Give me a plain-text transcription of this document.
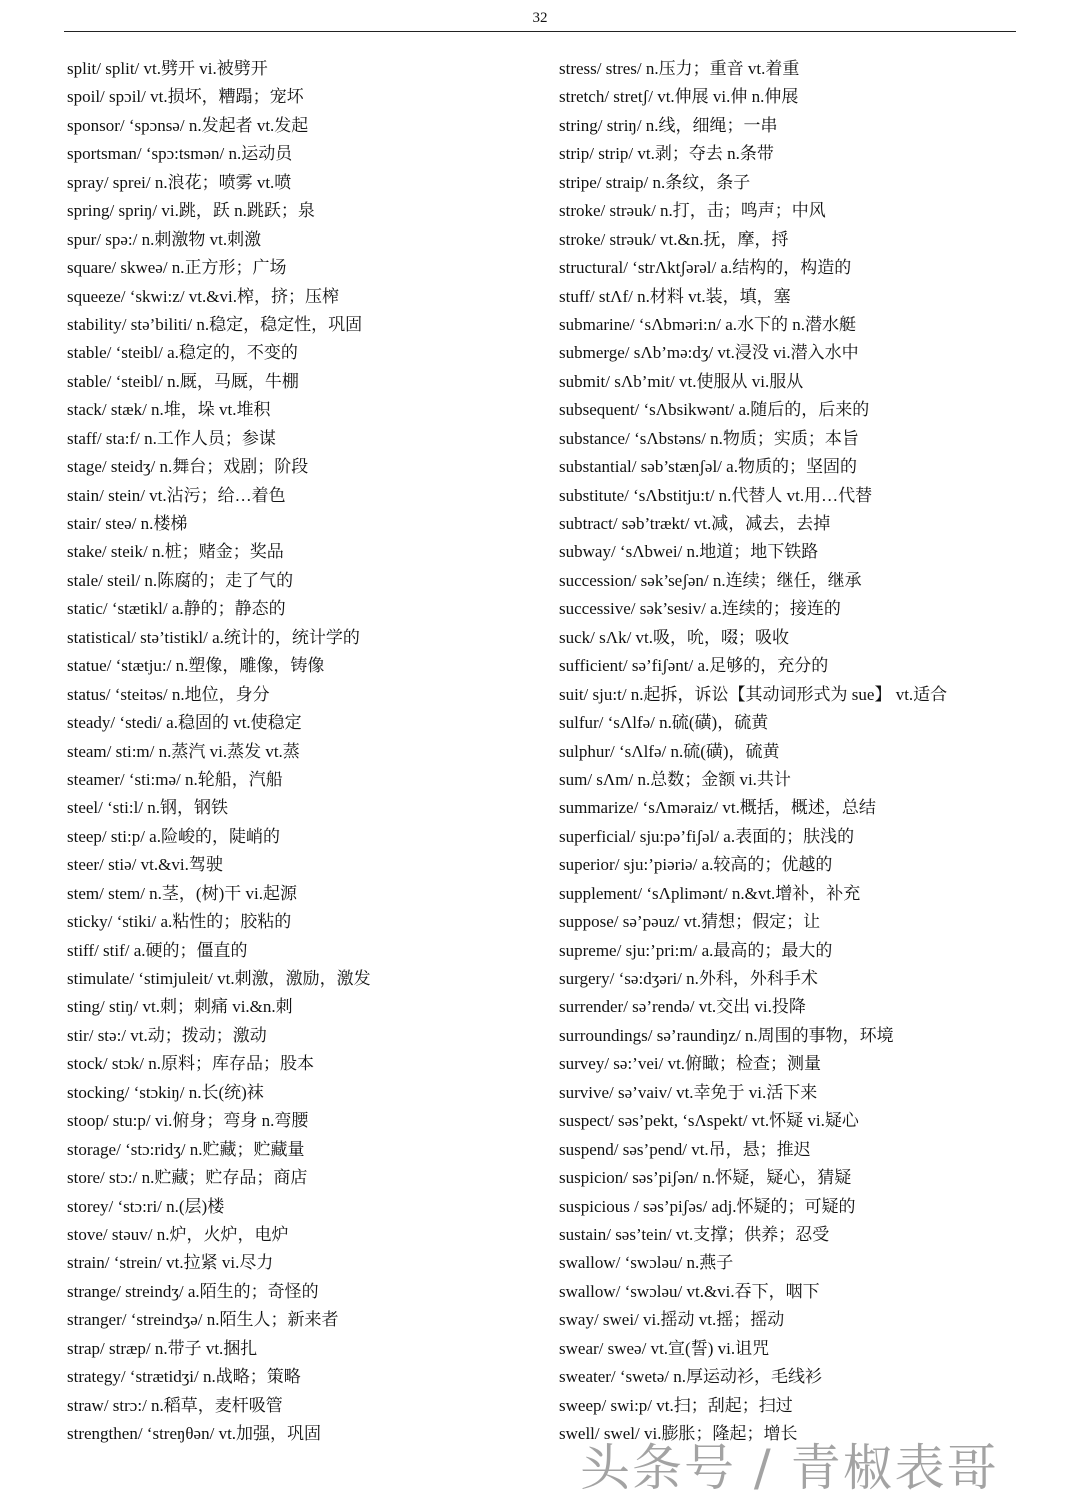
32
split/ split/ vt.劈开 vi.被劈开
spoil/ spɔil/ vt.损坏，糟蹋；宠坏
sponsor/ ‘spɔnsə/ n.发起者 vt.发起
sportsman/ ‘spɔ:tsmən/ n.运动员
spray/ sprei/ n.浪花；喷雾 vt.喷
spring/ spriŋ/ vi.跳，跃 n.跳跃；泉
spur/ spə:/ n.刺激物 vt.刺激
square/ skweə/ n.正方形；广场
squeeze/ ‘skwi:z/ vt.&vi.榨，挤；压榨
stability/ stə’biliti/ n.稳定，稳定性，巩固
stable/ ‘steibl/ a.稳定的，不变的
stable/ ‘steibl/ n.厩，马厩，牛棚
stack/ stæk/ n.堆，垛 vt.堆积
staff/ sta:f/ n.工作人员；参谋
stage/ steidʒ/ n.舞台；戏剧；阶段
stain/ stein/ vt.沾污；给…着色
stair/ steə/ n.楼梯
stake/ steik/ n.桩；赌金；奖品
stale/ steil/ n.陈腐的；走了气的
static/ ‘stætikl/ a.静的；静态的
statistical/ stə’tistikl/ a.统计的，统计学的
statue/ ‘stætju:/ n.塑像，雕像，铸像
status/ ‘steitəs/ n.地位，身分
steady/ ‘stedi/ a.稳固的 vt.使稳定
steam/ sti:m/ n.蒸汽 vi.蒸发 vt.蒸
steamer/ ‘sti:mə/ n.轮船，汽船
steel/ ‘sti:l/ n.钢，钢铁
steep/ sti:p/ a.险峻的，陡峭的
steer/ stiə/ vt.&vi.驾驶
stem/ stem/ n.茎，(树)干 vi.起源
sticky/ ‘stiki/ a.粘性的；胶粘的
stiff/ stif/ a.硬的；僵直的
stimulate/ ‘stimjuleit/ vt.刺激，激励，激发
sting/ stiŋ/ vt.刺；刺痛 vi.&n.刺
stir/ stə:/ vt.动；拨动；激动
stock/ stɔk/ n.原料；库存品；股本
stocking/ ‘stɔkiŋ/ n.长(统)袜
stoop/ stu:p/ vi.俯身；弯身 n.弯腰
storage/ ‘stɔ:ridʒ/ n.贮藏；贮藏量
store/ stɔ:/ n.贮藏；贮存品；商店
storey/ ‘stɔ:ri/ n.(层)楼
stove/ stəuv/ n.炉，火炉，电炉
strain/ ‘strein/ vt.拉紧 vi.尽力
strange/ streindʒ/ a.陌生的；奇怪的
stranger/ ‘streindʒə/ n.陌生人；新来者
strap/ stræp/ n.带子 vt.捆扎
strategy/ ‘strætidʒi/ n.战略；策略
straw/ strɔ:/ n.稻草，麦杆吸管
strengthen/ ‘streŋθən/ vt.加强，巩固
stress/ stres/ n.压力；重音 vt.着重
stretch/ stretʃ/ vt.伸展 vi.伸 n.伸展
string/ striŋ/ n.线，细绳；一串
strip/ strip/ vt.剥；夺去 n.条带
stripe/ straip/ n.条纹，条子
stroke/ strəuk/ n.打，击；鸣声；中风
stroke/ strəuk/ vt.&n.抚，摩，捋
structural/ ‘strΛktʃərəl/ a.结构的，构造的
stuff/ stΛf/ n.材料 vt.装，填，塞
submarine/ ‘sΛbməri:n/ a.水下的 n.潜水艇
submerge/ sΛb’mə:dʒ/ vt.浸没 vi.潜入水中
submit/ sΛb’mit/ vt.使服从 vi.服从
subsequent/ ‘sΛbsikwənt/ a.随后的，后来的
substance/ ‘sΛbstəns/ n.物质；实质；本旨
substantial/ səb’stænʃəl/ a.物质的；坚固的
substitute/ ‘sΛbstitju:t/ n.代替人 vt.用…代替
subtract/ səb’trækt/ vt.减，减去，去掉
subway/ ‘sΛbwei/ n.地道；地下铁路
succession/ sək’seʃən/ n.连续；继任，继承
successive/ sək’sesiv/ a.连续的；接连的
suck/ sΛk/ vt.吸，吮，啜；吸收
sufficient/ sə’fiʃənt/ a.足够的，充分的
suit/ sju:t/ n.起拆，诉讼【其动词形式为 sue】 vt.适合
sulfur/ ‘sΛlfə/ n.硫(磺)，硫黄
sulphur/ ‘sΛlfə/ n.硫(磺)，硫黄
sum/ sΛm/ n.总数；金额 vi.共计
summarize/ ‘sΛməraiz/ vt.概括，概述，总结
superficial/ sju:pə’fiʃəl/ a.表面的；肤浅的
superior/ sju:’piəriə/ a.较高的；优越的
supplement/ ‘sΛplimənt/ n.&vt.增补，补充
suppose/ sə’pəuz/ vt.猜想；假定；让
supreme/ sju:’pri:m/ a.最高的；最大的
surgery/ ‘sə:dʒəri/ n.外科，外科手术
surrender/ sə’rendə/ vt.交出 vi.投降
surroundings/ sə’raundiŋz/ n.周围的事物，环境
survey/ sə:’vei/ vt.俯瞰；检查；测量
survive/ sə’vaiv/ vt.幸免于 vi.活下来
suspect/ səs’pekt, ‘sΛspekt/ vt.怀疑 vi.疑心
suspend/ səs’pend/ vt.吊，悬；推迟
suspicion/ səs’piʃən/ n.怀疑，疑心，猜疑
suspicious / səs’piʃəs/ adj.怀疑的；可疑的
sustain/ səs’tein/ vt.支撑；供养；忍受
swallow/ ‘swɔləu/ n.燕子
swallow/ ‘swɔləu/ vt.&vi.吞下，咽下
sway/ swei/ vi.摇动 vt.摇；摇动
swear/ sweə/ vt.宣(誓) vi.诅咒
sweater/ ‘swetə/ n.厚运动衫，毛线衫
sweep/ swi:p/ vt.扫；刮起；扫过
swell/ swel/ vi.膨胀；隆起；增长
头条号 / 青椒表哥
